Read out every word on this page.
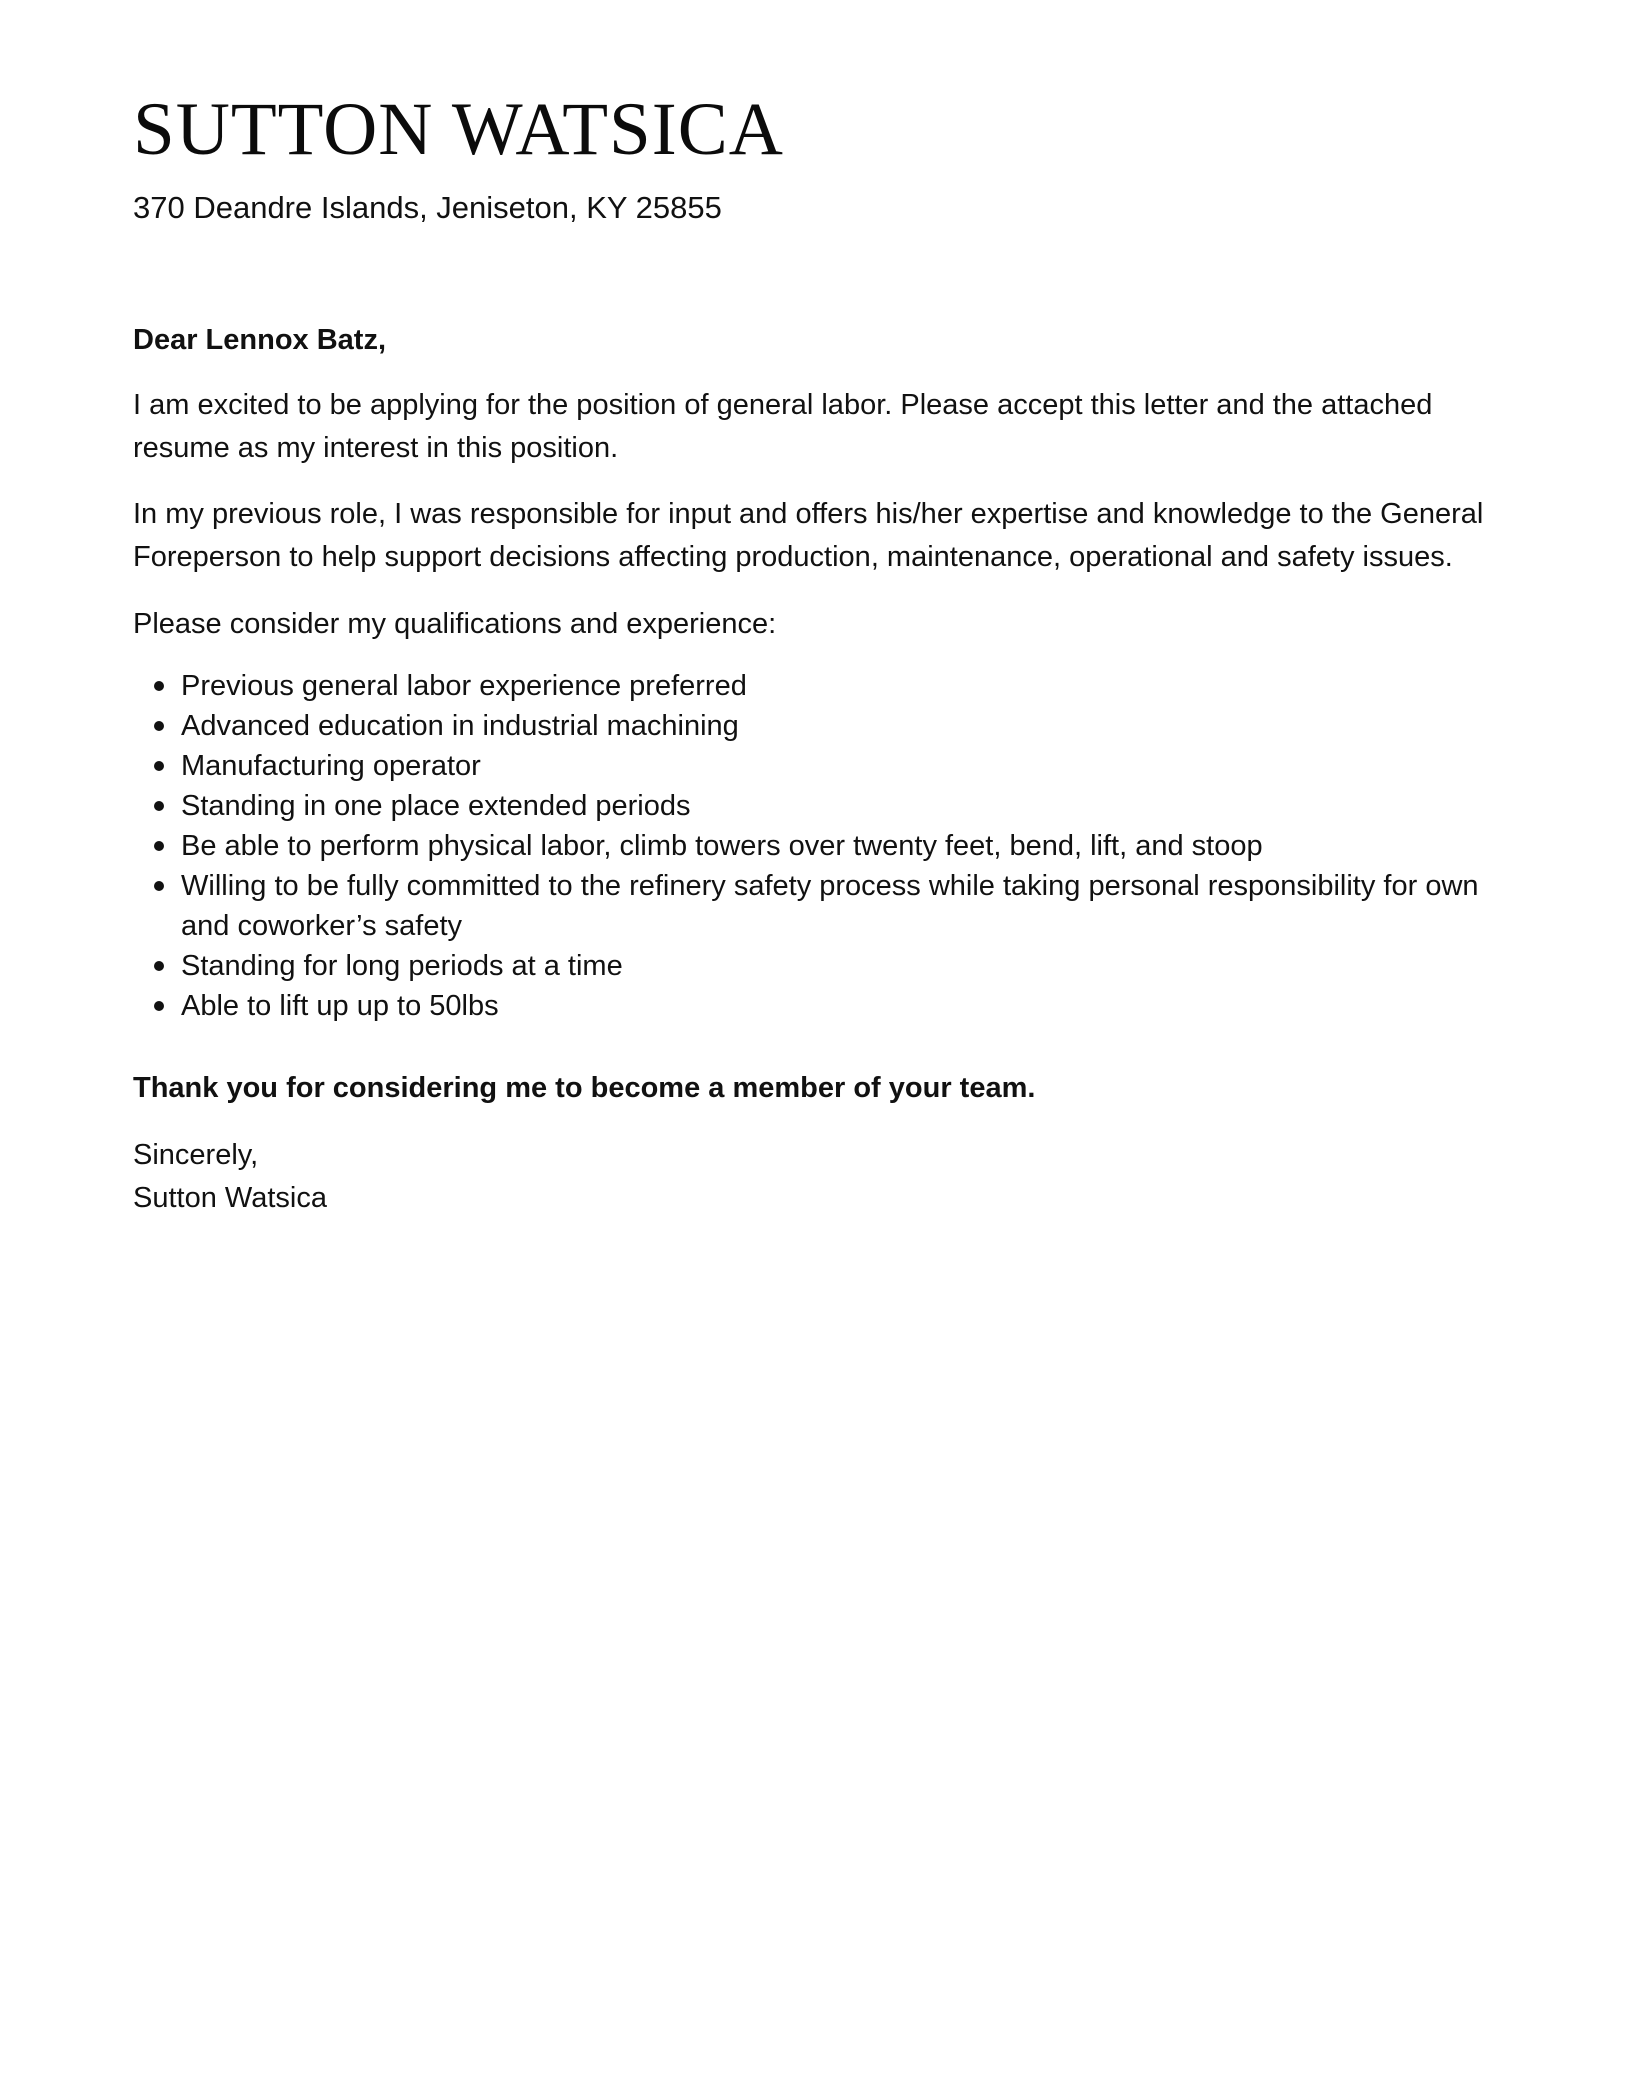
SUTTON WATSICA

370 Deandre Islands, Jeniseton, KY 25855

Dear Lennox Batz,

I am excited to be applying for the position of general labor. Please accept this letter and the attached resume as my interest in this position.

In my previous role, I was responsible for input and offers his/her expertise and knowledge to the General Foreperson to help support decisions affecting production, maintenance, operational and safety issues.

Please consider my qualifications and experience:

Previous general labor experience preferred
Advanced education in industrial machining
Manufacturing operator
Standing in one place extended periods
Be able to perform physical labor, climb towers over twenty feet, bend, lift, and stoop
Willing to be fully committed to the refinery safety process while taking personal responsibility for own and coworker’s safety
Standing for long periods at a time
Able to lift up up to 50lbs

Thank you for considering me to become a member of your team.

Sincerely,
Sutton Watsica
